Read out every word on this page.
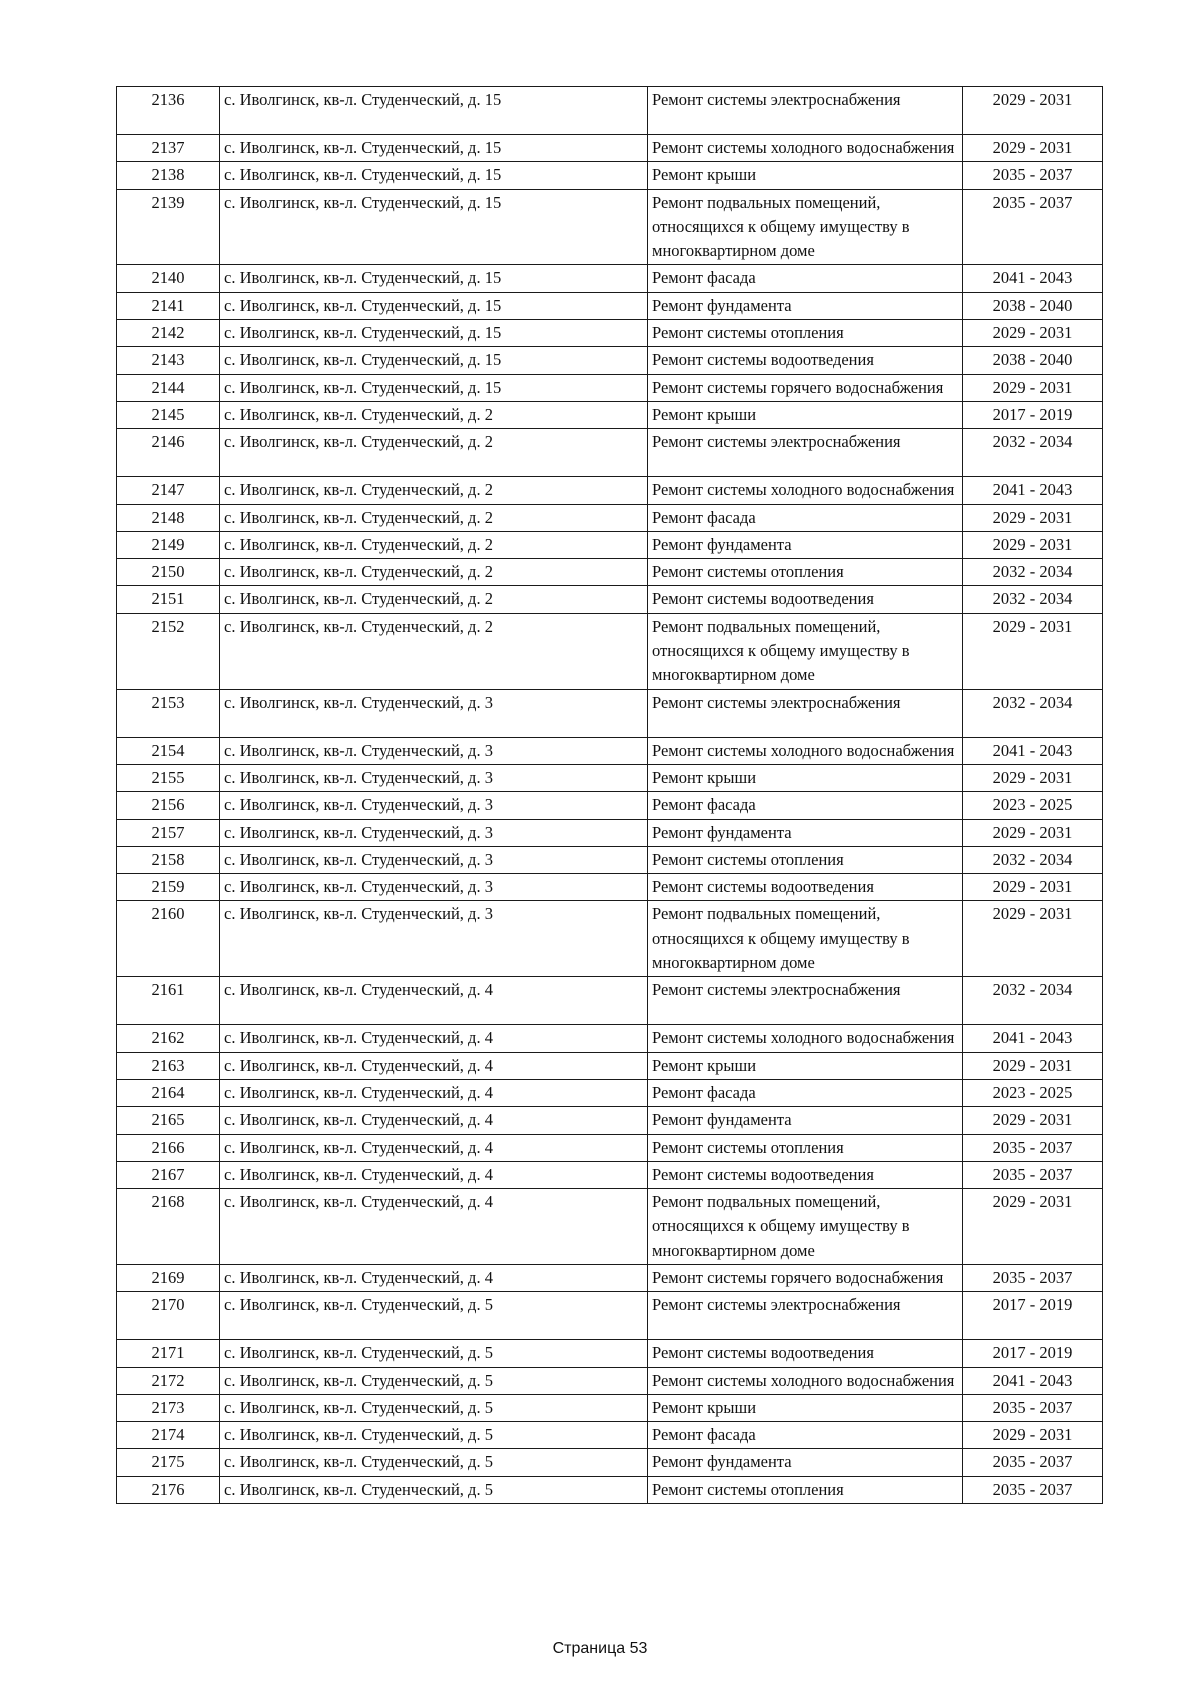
2136	с. Иволгинск, кв-л. Студенческий, д. 15	Ремонт системы электроснабжения	2029 - 2031
2137	с. Иволгинск, кв-л. Студенческий, д. 15	Ремонт системы холодного водоснабжения	2029 - 2031
2138	с. Иволгинск, кв-л. Студенческий, д. 15	Ремонт крыши	2035 - 2037
2139	с. Иволгинск, кв-л. Студенческий, д. 15	Ремонт подвальных помещений, относящихся к общему имуществу в многоквартирном доме	2035 - 2037
2140	с. Иволгинск, кв-л. Студенческий, д. 15	Ремонт фасада	2041 - 2043
2141	с. Иволгинск, кв-л. Студенческий, д. 15	Ремонт фундамента	2038 - 2040
2142	с. Иволгинск, кв-л. Студенческий, д. 15	Ремонт системы отопления	2029 - 2031
2143	с. Иволгинск, кв-л. Студенческий, д. 15	Ремонт системы водоотведения	2038 - 2040
2144	с. Иволгинск, кв-л. Студенческий, д. 15	Ремонт системы горячего водоснабжения	2029 - 2031
2145	с. Иволгинск, кв-л. Студенческий, д. 2	Ремонт крыши	2017 - 2019
2146	с. Иволгинск, кв-л. Студенческий, д. 2	Ремонт системы электроснабжения	2032 - 2034
2147	с. Иволгинск, кв-л. Студенческий, д. 2	Ремонт системы холодного водоснабжения	2041 - 2043
2148	с. Иволгинск, кв-л. Студенческий, д. 2	Ремонт фасада	2029 - 2031
2149	с. Иволгинск, кв-л. Студенческий, д. 2	Ремонт фундамента	2029 - 2031
2150	с. Иволгинск, кв-л. Студенческий, д. 2	Ремонт системы отопления	2032 - 2034
2151	с. Иволгинск, кв-л. Студенческий, д. 2	Ремонт системы водоотведения	2032 - 2034
2152	с. Иволгинск, кв-л. Студенческий, д. 2	Ремонт подвальных помещений, относящихся к общему имуществу в многоквартирном доме	2029 - 2031
2153	с. Иволгинск, кв-л. Студенческий, д. 3	Ремонт системы электроснабжения	2032 - 2034
2154	с. Иволгинск, кв-л. Студенческий, д. 3	Ремонт системы холодного водоснабжения	2041 - 2043
2155	с. Иволгинск, кв-л. Студенческий, д. 3	Ремонт крыши	2029 - 2031
2156	с. Иволгинск, кв-л. Студенческий, д. 3	Ремонт фасада	2023 - 2025
2157	с. Иволгинск, кв-л. Студенческий, д. 3	Ремонт фундамента	2029 - 2031
2158	с. Иволгинск, кв-л. Студенческий, д. 3	Ремонт системы отопления	2032 - 2034
2159	с. Иволгинск, кв-л. Студенческий, д. 3	Ремонт системы водоотведения	2029 - 2031
2160	с. Иволгинск, кв-л. Студенческий, д. 3	Ремонт подвальных помещений, относящихся к общему имуществу в многоквартирном доме	2029 - 2031
2161	с. Иволгинск, кв-л. Студенческий, д. 4	Ремонт системы электроснабжения	2032 - 2034
2162	с. Иволгинск, кв-л. Студенческий, д. 4	Ремонт системы холодного водоснабжения	2041 - 2043
2163	с. Иволгинск, кв-л. Студенческий, д. 4	Ремонт крыши	2029 - 2031
2164	с. Иволгинск, кв-л. Студенческий, д. 4	Ремонт фасада	2023 - 2025
2165	с. Иволгинск, кв-л. Студенческий, д. 4	Ремонт фундамента	2029 - 2031
2166	с. Иволгинск, кв-л. Студенческий, д. 4	Ремонт системы отопления	2035 - 2037
2167	с. Иволгинск, кв-л. Студенческий, д. 4	Ремонт системы водоотведения	2035 - 2037
2168	с. Иволгинск, кв-л. Студенческий, д. 4	Ремонт подвальных помещений, относящихся к общему имуществу в многоквартирном доме	2029 - 2031
2169	с. Иволгинск, кв-л. Студенческий, д. 4	Ремонт системы горячего водоснабжения	2035 - 2037
2170	с. Иволгинск, кв-л. Студенческий, д. 5	Ремонт системы электроснабжения	2017 - 2019
2171	с. Иволгинск, кв-л. Студенческий, д. 5	Ремонт системы водоотведения	2017 - 2019
2172	с. Иволгинск, кв-л. Студенческий, д. 5	Ремонт системы холодного водоснабжения	2041 - 2043
2173	с. Иволгинск, кв-л. Студенческий, д. 5	Ремонт крыши	2035 - 2037
2174	с. Иволгинск, кв-л. Студенческий, д. 5	Ремонт фасада	2029 - 2031
2175	с. Иволгинск, кв-л. Студенческий, д. 5	Ремонт фундамента	2035 - 2037
2176	с. Иволгинск, кв-л. Студенческий, д. 5	Ремонт системы отопления	2035 - 2037
Страница 53
